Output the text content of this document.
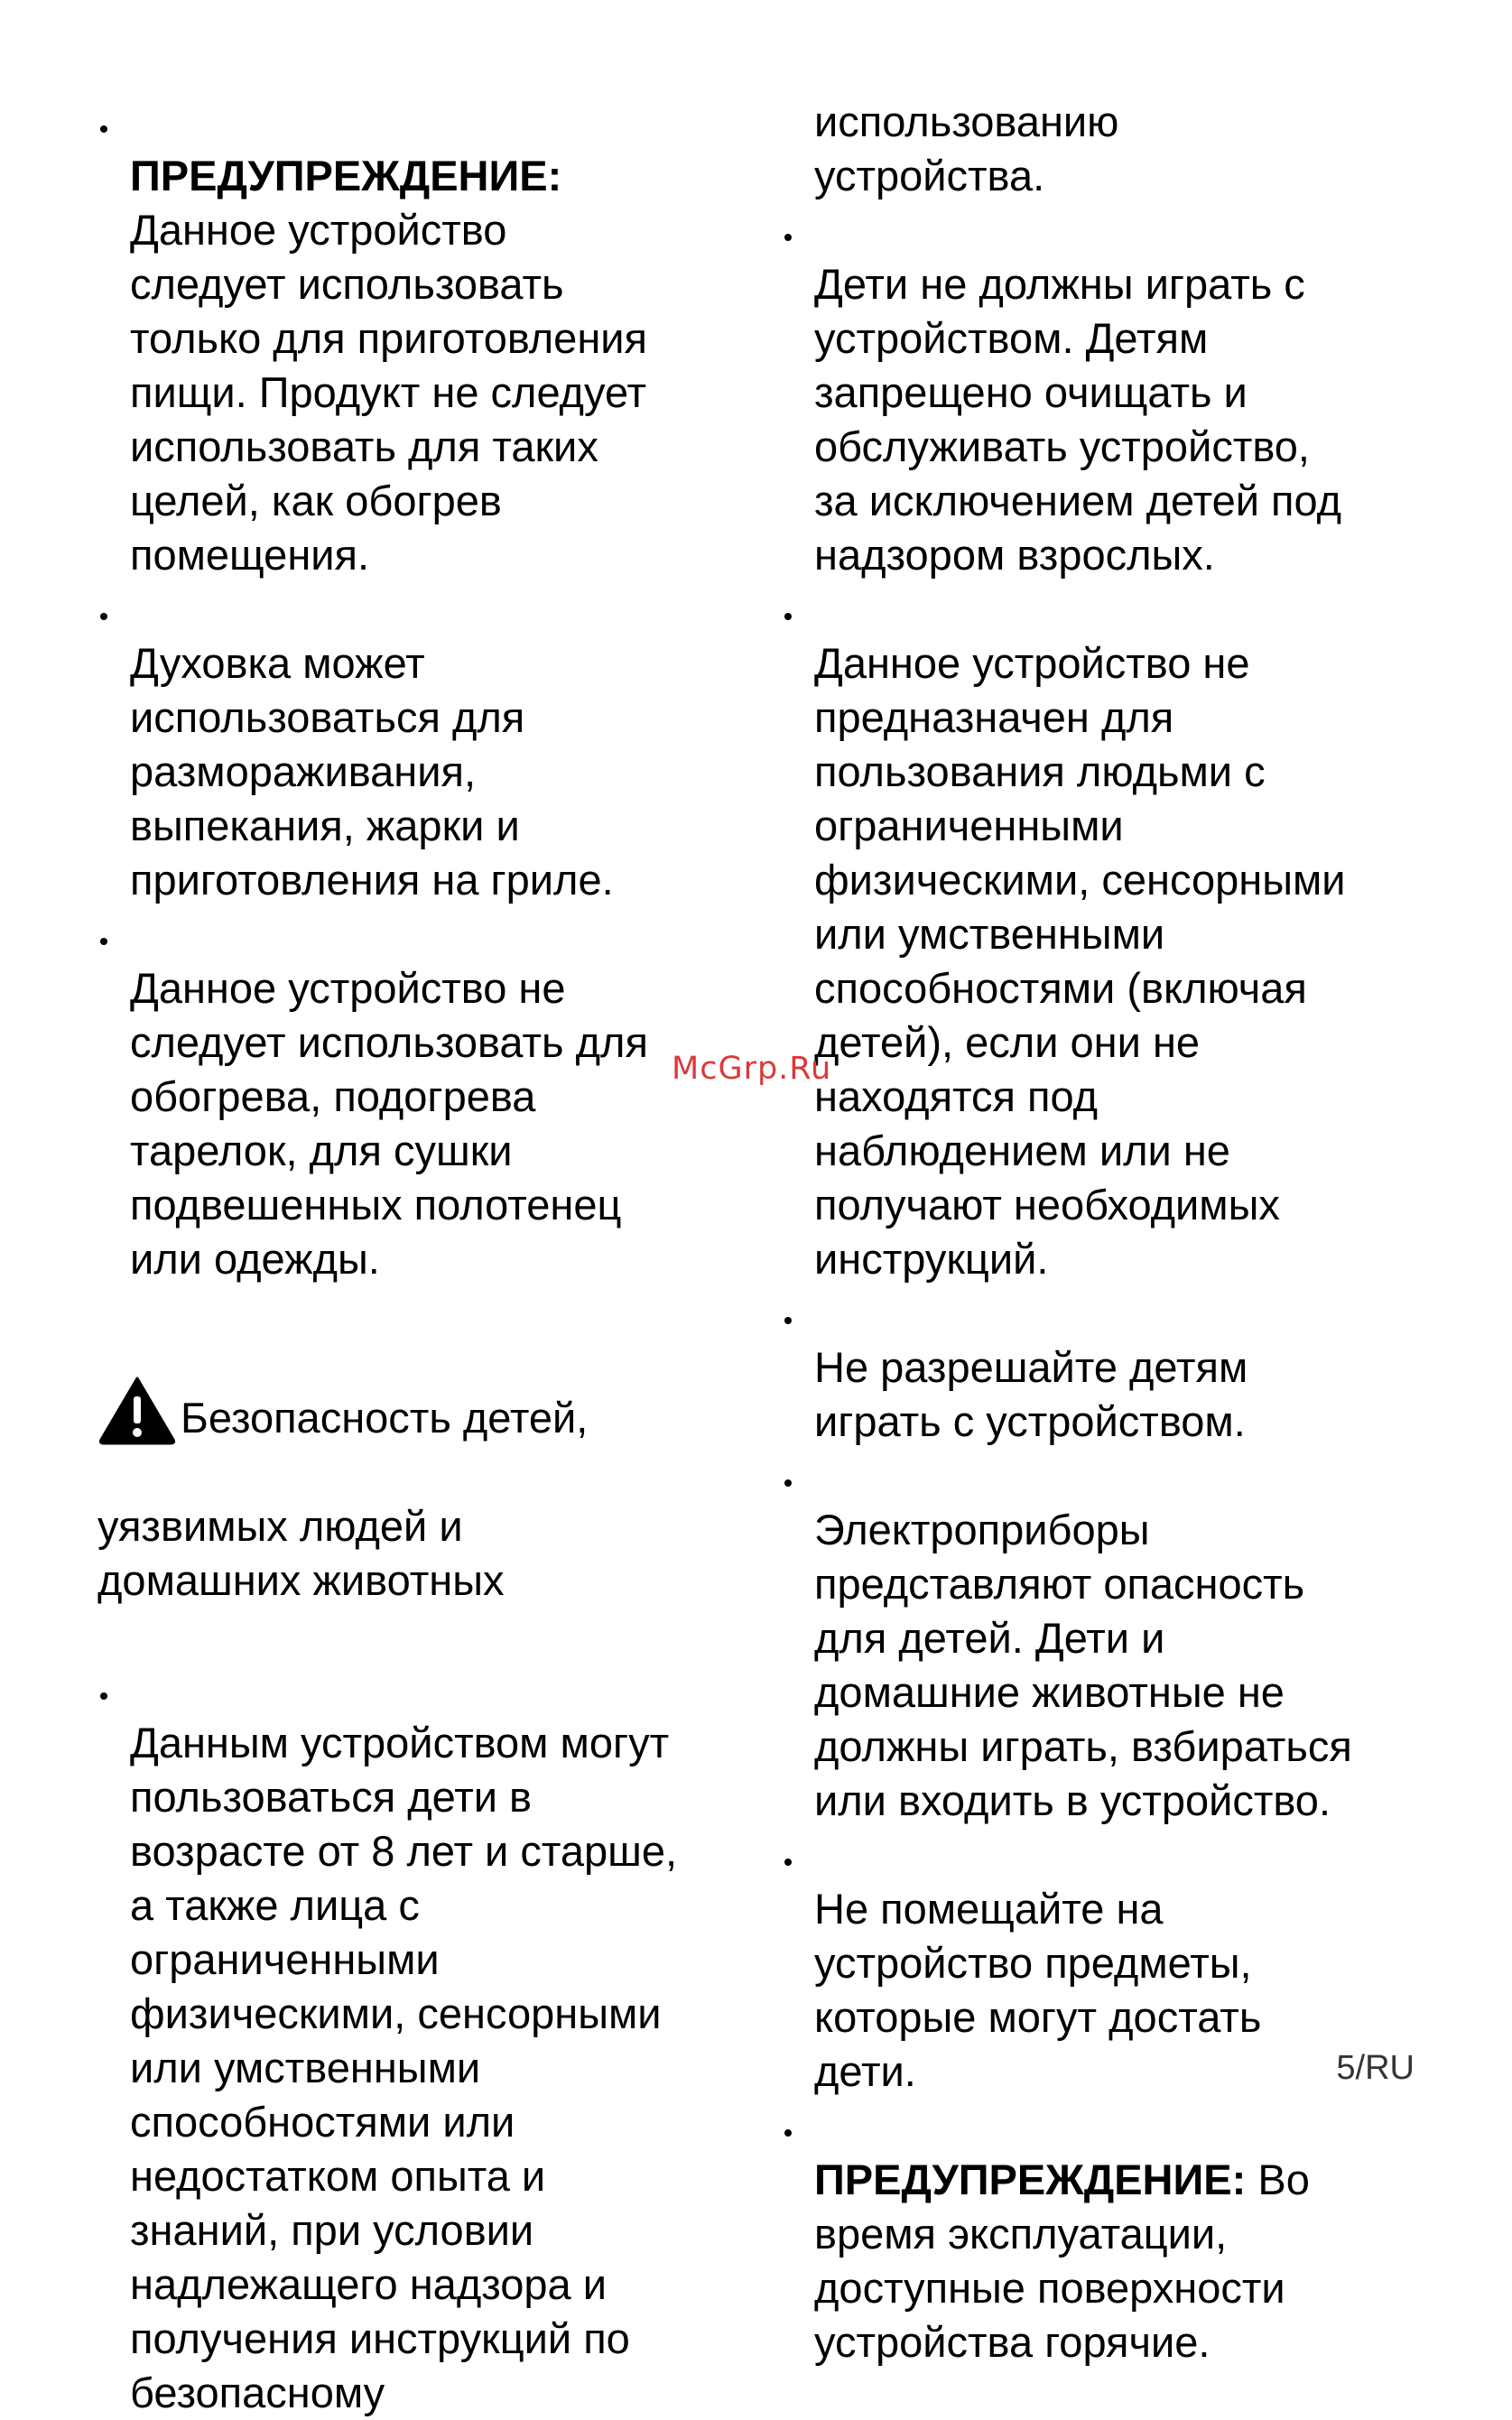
ПРЕДУПРЕЖДЕНИЕ:
Данное устройство
следует использовать
только для приготовления
пищи. Продукт не следует
использовать для таких
целей, как обогрев
помещения.

Духовка может
использоваться для
размораживания,
выпекания, жарки и
приготовления на гриле.

Данное устройство не
следует использовать для
обогрева, подогрева
тарелок, для сушки
подвешенных полотенец
или одежды.

Безопасность детей,

уязвимых людей и
домашних животных

Данным устройством могут
пользоваться дети в
возрасте от 8 лет и старше,
а также лица с
ограниченными
физическими, сенсорными
или умственными
способностями или
недостатком опыта и
знаний, при условии
надлежащего надзора и
получения инструкций по
безопасному

использованию
устройства.

Дети не должны играть с
устройством. Детям
запрещено очищать и
обслуживать устройство,
за исключением детей под
надзором взрослых.

Данное устройство не
предназначен для
пользования людьми с
ограниченными
физическими, сенсорными
или умственными
способностями (включая
детей), если они не
находятся под
наблюдением или не
получают необходимых
инструкций.

Не разрешайте детям
играть с устройством.

Электроприборы
представляют опасность
для детей. Дети и
домашние животные не
должны играть, взбираться
или входить в устройство.

Не помещайте на
устройство предметы,
которые могут достать
дети.

ПРЕДУПРЕЖДЕНИЕ: Во
время эксплуатации,
доступные поверхности
устройства горячие.

McGrp.Ru
5/RU
